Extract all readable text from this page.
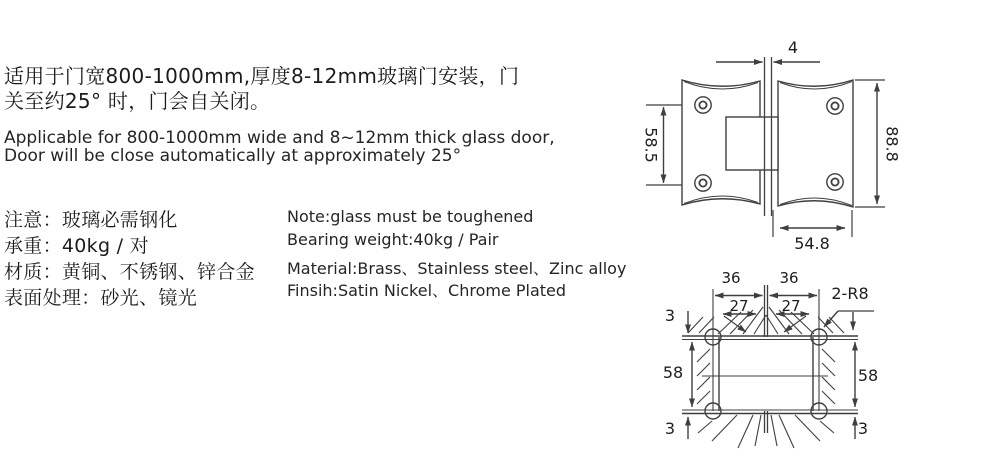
适用于门宽800-1000mm,厚度8-12mm玻璃门安装，门
关至约25° 时，门会自关闭。
Applicable for 800-1000mm wide and 8~12mm thick glass door,
Door will be close automatically at approximately 25°
注意：玻璃必需钢化
承重：40kg / 对
材质：黄铜、不锈钢、锌合金
表面处理：砂光、镜光
Note:glass must be toughened
Bearing weight:40kg / Pair
Material:Brass、Stainless steel、Zinc alloy
Finsih:Satin Nickel、Chrome Plated
4
58.5	88.8
54.8
36	36
27 27
2-R8
3
58	58
3	3
